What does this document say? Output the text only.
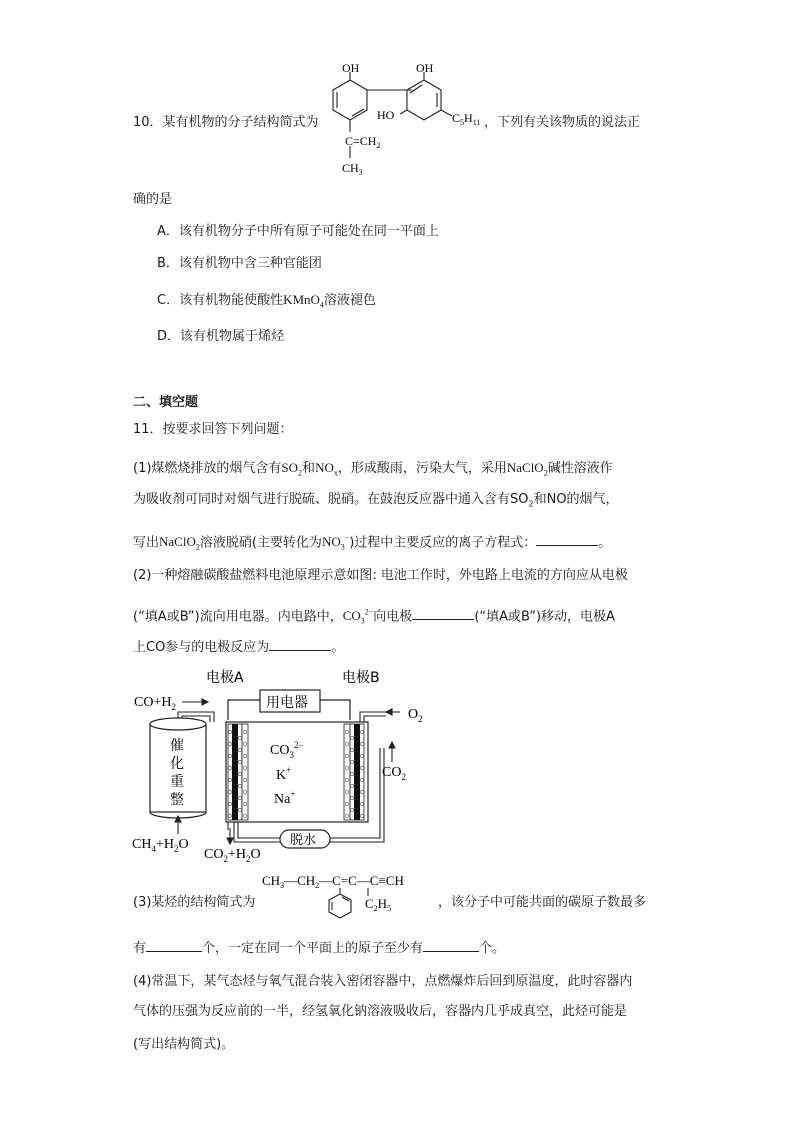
10．某有机物的分子结构简式为
OH	OH
HO	$C_5H_{11}$
$C=CH_2$
$CH_3$
，下列有关该物质的说法正
确的是
A．该有机物分子中所有原子可能处在同一平面上
B．该有机物中含三种官能团
C．该有机物能使酸性KMnO$_4$溶液褪色
D．该有机物属于烯烃
二、填空题
11．按要求回答下列问题：
(1)煤燃烧排放的烟气含有$SO_2$和$NO_x$，形成酸雨，污染大气，采用NaClO$_2$碱性溶液作
为吸收剂可同时对烟气进行脱硫、脱硝。在鼓泡反应器中通入含有$SO_2$和NO的烟气，
写出NaClO$_2$溶液脱硝(主要转化为$NO_3^-$)过程中主要反应的离子方程式：	。
(2)一种熔融碳酸盐燃料电池原理示意如图: 电池工作时，外电路上电流的方向应从电极
(“填A或B”)流向用电器。内电路中，$CO_3^{2-}$向电极	(“填A或B”)移动，电极A
上CO参与的电极反应为	。
电极A	电极B
$CO+H_2$	用电器
催
化
重
整
$CH_4+H_2O$
$CO_3^{2-}$
K+
Na+
$O_2$
$CO_2$
脱水
$CO_2+H_2O$
(3)某烃的结构简式为
$CH_3—CH_2—C=C—C\equiv CH$
$C_2H_5$	，该分子中可能共面的碳原子数最多
有	个，一定在同一个平面上的原子至少有	个。
(4)常温下，某气态烃与氧气混合装入密闭容器中，点燃爆炸后回到原温度，此时容器内
气体的压强为反应前的一半，经氢氧化钠溶液吸收后，容器内几乎成真空，此烃可能是
(写出结构简式)。
